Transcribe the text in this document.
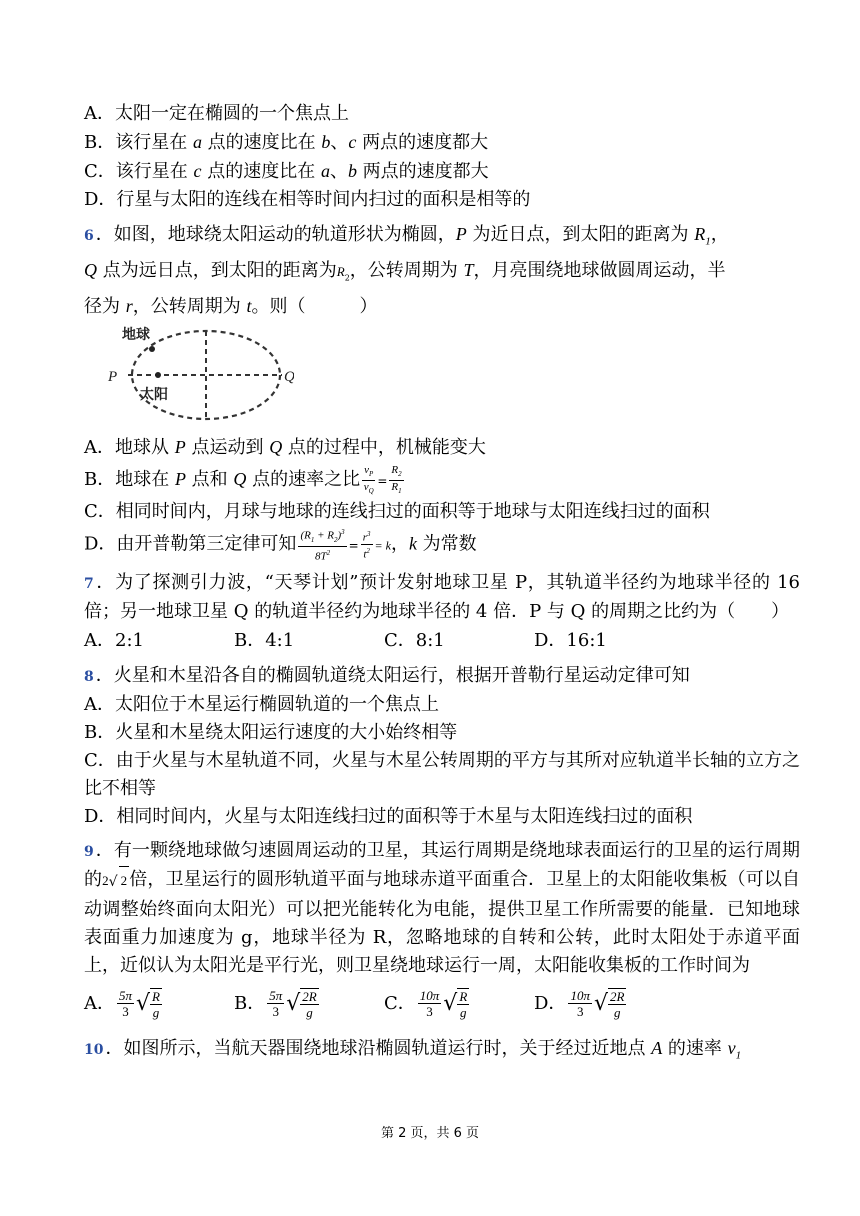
A．太阳一定在椭圆的一个焦点上
B．该行星在 a 点的速度比在 b、c 两点的速度都大
C．该行星在 c 点的速度比在 a、b 两点的速度都大
D．行星与太阳的连线在相等时间内扫过的面积是相等的
6 ．如图，地球绕太阳运动的轨道形状为椭圆，P 为近日点，到太阳的距离为 $R_1$，
Q 点为远日点，到太阳的距离为$R_2$，公转周期为 T，月亮围绕地球做圆周运动，半
径为 r，公转周期为 t。则（　　　）
地球
太阳
P	Q
A．地球从 P 点运动到 Q 点的过程中，机械能变大
B．地球在 P 点和 Q 点的速率之比 $\frac{v_P}{v_Q} = \frac{R_2}{R_1}$
C．相同时间内，月球与地球的连线扫过的面积等于地球与太阳连线扫过的面积
D．由开普勒第三定律可知 $\frac{(R_1 + R_2)^3}{8T^2} = \frac{r^3}{t^2} = k$，k 为常数
7 ．为了探测引力波，“天琴计划”预计发射地球卫星 P，其轨道半径约为地球半径的 16 倍；另一地球卫星 Q 的轨道半径约为地球半径的 4 倍．P 与 Q 的周期之比约为（　　）
A．2:1	B．4:1	C．8:1	D．16:1
8 ．火星和木星沿各自的椭圆轨道绕太阳运行，根据开普勒行星运动定律可知
A．太阳位于木星运行椭圆轨道的一个焦点上
B．火星和木星绕太阳运行速度的大小始终相等
C．由于火星与木星轨道不同，火星与木星公转周期的平方与其所对应轨道半长轴的立方之比不相等
D．相同时间内，火星与太阳连线扫过的面积等于木星与太阳连线扫过的面积
9 ．有一颗绕地球做匀速圆周运动的卫星，其运行周期是绕地球表面运行的卫星的运行周期的2√ 2 倍，卫星运行的圆形轨道平面与地球赤道平面重合．卫星上的太阳能收集板（可以自动调整始终面向太阳光）可以把光能转化为电能，提供卫星工作所需要的能量．已知地球表面重力加速度为 g，地球半径为 R，忽略地球的自转和公转，此时太阳处于赤道平面上，近似认为太阳光是平行光，则卫星绕地球运行一周，太阳能收集板的工作时间为
A． $\frac{5\pi}{3}$ √ $\frac{R}{g}$	B． $\frac{5\pi}{3}$ √ $\frac{2R}{g}$	C． $\frac{10\pi}{3}$ √ $\frac{R}{g}$	D． $\frac{10\pi}{3}$ √ $\frac{2R}{g}$
10 ．如图所示，当航天器围绕地球沿椭圆轨道运行时，关于经过近地点 A 的速率 $v_1$
第 2 页，共 6 页
